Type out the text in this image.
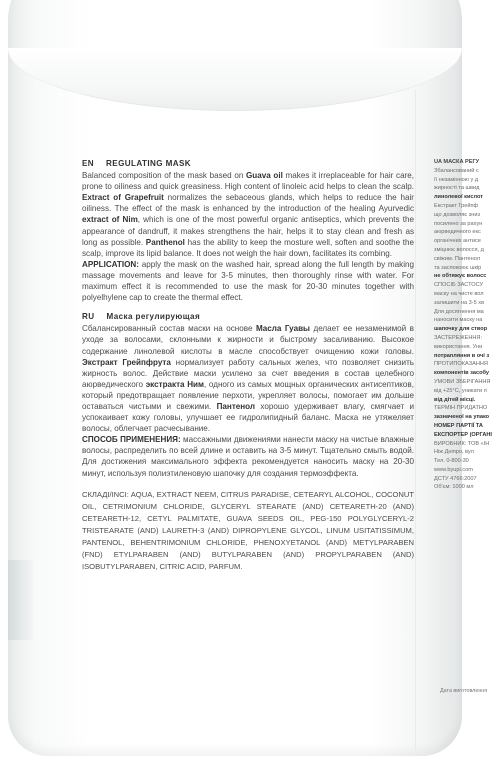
EN REGULATING MASK

Balanced composition of the mask based on Guava oil makes it irreplaceable for hair care, prone to oiliness and quick greasiness. High content of linoleic acid helps to clean the scalp. Extract of Grapefruit normalizes the sebaceous glands, which helps to reduce the hair oiliness. The effect of the mask is enhanced by the introduction of the healing Ayurvedic extract of Nim, which is one of the most powerful organic antiseptics, which prevents the appearance of dandruff, it makes strengthens the hair, helps it to stay clean and fresh as long as possible. Panthenol has the ability to keep the mosture well, soften and soothe the scalp, improve its lipid balance. It does not weigh the hair down, facilitates its combing.

APPLICATION: apply the mask on the washed hair, spread along the full length by making massage movements and leave for 3-5 minutes, then thoroughly rinse with water. For maximum effect it is recommended to use the mask for 20-30 minutes together with polyelhylene cap to create the thermal effect.

RU Маска регулирующая

Сбалансированный состав маски на основе Масла Гуавы делает ее незаменимой в уходе за волосами, склонными к жирности и быстрому засаливанию. Высокое содержание линолевой кислоты в масле способствует очищению кожи головы. Экстракт Грейпфрута нормализует работу сальных желез, что позволяет снизить жирность волос. Действие маски усилено за счет введения в состав целебного аюрведического экстракта Ним, одного из самых мощных органических антисептиков, который предотвращает появление перхоти, укрепляет волосы, помогает им дольше оставаться чистыми и свежими. Пантенол хорошо удерживает влагу, смягчает и успокаивает кожу головы, улучшает ее гидролипидный баланс. Маска не утяжеляет волосы, облегчает расчесывание.

СПОСОБ ПРИМЕНЕНИЯ: массажными движениями нанести маску на чистые влажные волосы, распределить по всей длине и оставить на 3-5 минут. Тщательно смыть водой. Для достижения максимального эффекта рекомендуется наносить маску на 20-30 минут, используя полиэтиленовую шапочку для создания термоэффекта.

СКЛАДІ/INCI: AQUA, EXTRACT NEEM, CITRUS PARADISE, CETEARYL ALCOHOL, COCONUT OIL, CETRIMONIUM CHLORIDE, GLYCERYL STEARATE (AND) CETEARETH-20 (AND) CETEARETH-12, CETYL PALMITATE, GUAVA SEEDS OIL, PEG-150 POLYGLYCERYL-2 TRISTEARATE (AND) LAURETH-3 (AND) DIPROPYLENE GLYCOL, LINUM USITATISSIMUM, PANTENOL, BEHENTRIMONIUM CHLORIDE, PHENOXYETANOL (AND) METYLPARABEN (FND) ETYLPARABEN (AND) BUTYLPARABEN (AND) PROPYLPARABEN (AND) ISOBUTYLPARABEN, CITRIC ACID, PARFUM.

UA МАСКА РЕГУ
Збалансований с
її незамінною у д
жирності та швид
линолевої кислот
Екстракт Грейпф
що дозволяє зниз
посилено за рахун
аюрведичного екс
органічних антисе
зміцнює волосся, д
свіжим. Пантенол
та заспокоює шкір
не обтяжує волосс
СПОСІБ ЗАСТОСУ
маску на чисте вол
залишити на 3-5 хв
Для досягнення ма
наносити маску на
шапочку для створ
ЗАСТЕРЕЖЕННЯ:
використання. Уни
потрапляння в очі з
ПРОТИПОКАЗАННЯ
компонентів засобу
УМОВИ ЗБЕРІГАННЯ
від +25°С, уникати п
від дітей місці.
ТЕРМІН ПРИДАТНО
зазначеної на упако
НОМЕР ПАРТІЇ ТА
ЕКСПОРТЕР (ОРГАНІ
ВИРОБНИК: ТОВ «ІН
Ніж Дніпро, вул
Тел. 0-800-30
www.byupi.com
ДСТУ 4766:2007
Об'єм: 1000 мл
Дата виготовлення
